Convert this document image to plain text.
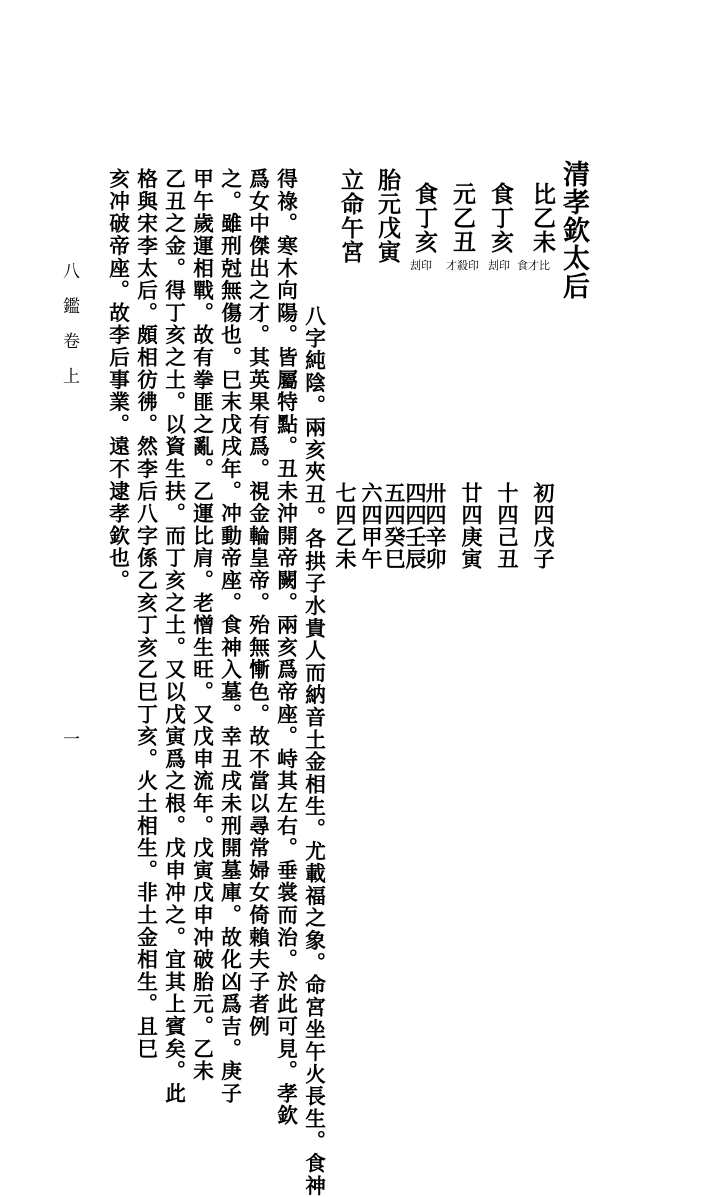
清孝欽太后
比乙未
食才比
食丁亥
刦印
元乙丑
才殺印
食丁亥
刦印
胎元戊寅
立命午宮
初四戊子
十四己丑
廿四庚寅
卅四辛卯
四四壬辰
五四癸巳
六四甲午
七四乙未
八字純陰。兩亥夾丑。各拱子水貴人而納音土金相生。尤載福之象。命宮坐午火長生。食神
得祿。寒木向陽。皆屬特點。丑未沖開帝闕。兩亥爲帝座。峙其左右。垂裳而治。於此可見。孝欽
爲女中傑出之才。其英果有爲。視金輪皇帝。殆無慚色。故不當以尋常婦女倚賴夫子者例
之。雖刑尅無傷也。巳末戊戌年。冲動帝座。食神入墓。幸丑戌未刑開墓庫。故化凶爲吉。庚子
甲午歲運相戰。故有拳匪之亂。乙運比肩。老憎生旺。又戊申流年。戊寅戊申冲破胎元。乙未
乙丑之金。得丁亥之土。以資生扶。而丁亥之土。又以戊寅爲之根。戊申冲之。宜其上賓矣。此
格與宋李太后。頗相彷彿。然李后八字係乙亥丁亥乙巳丁亥。火土相生。非土金相生。且巳
亥冲破帝座。故李后事業。遠不逮孝欽也。
八鑑卷上
一
